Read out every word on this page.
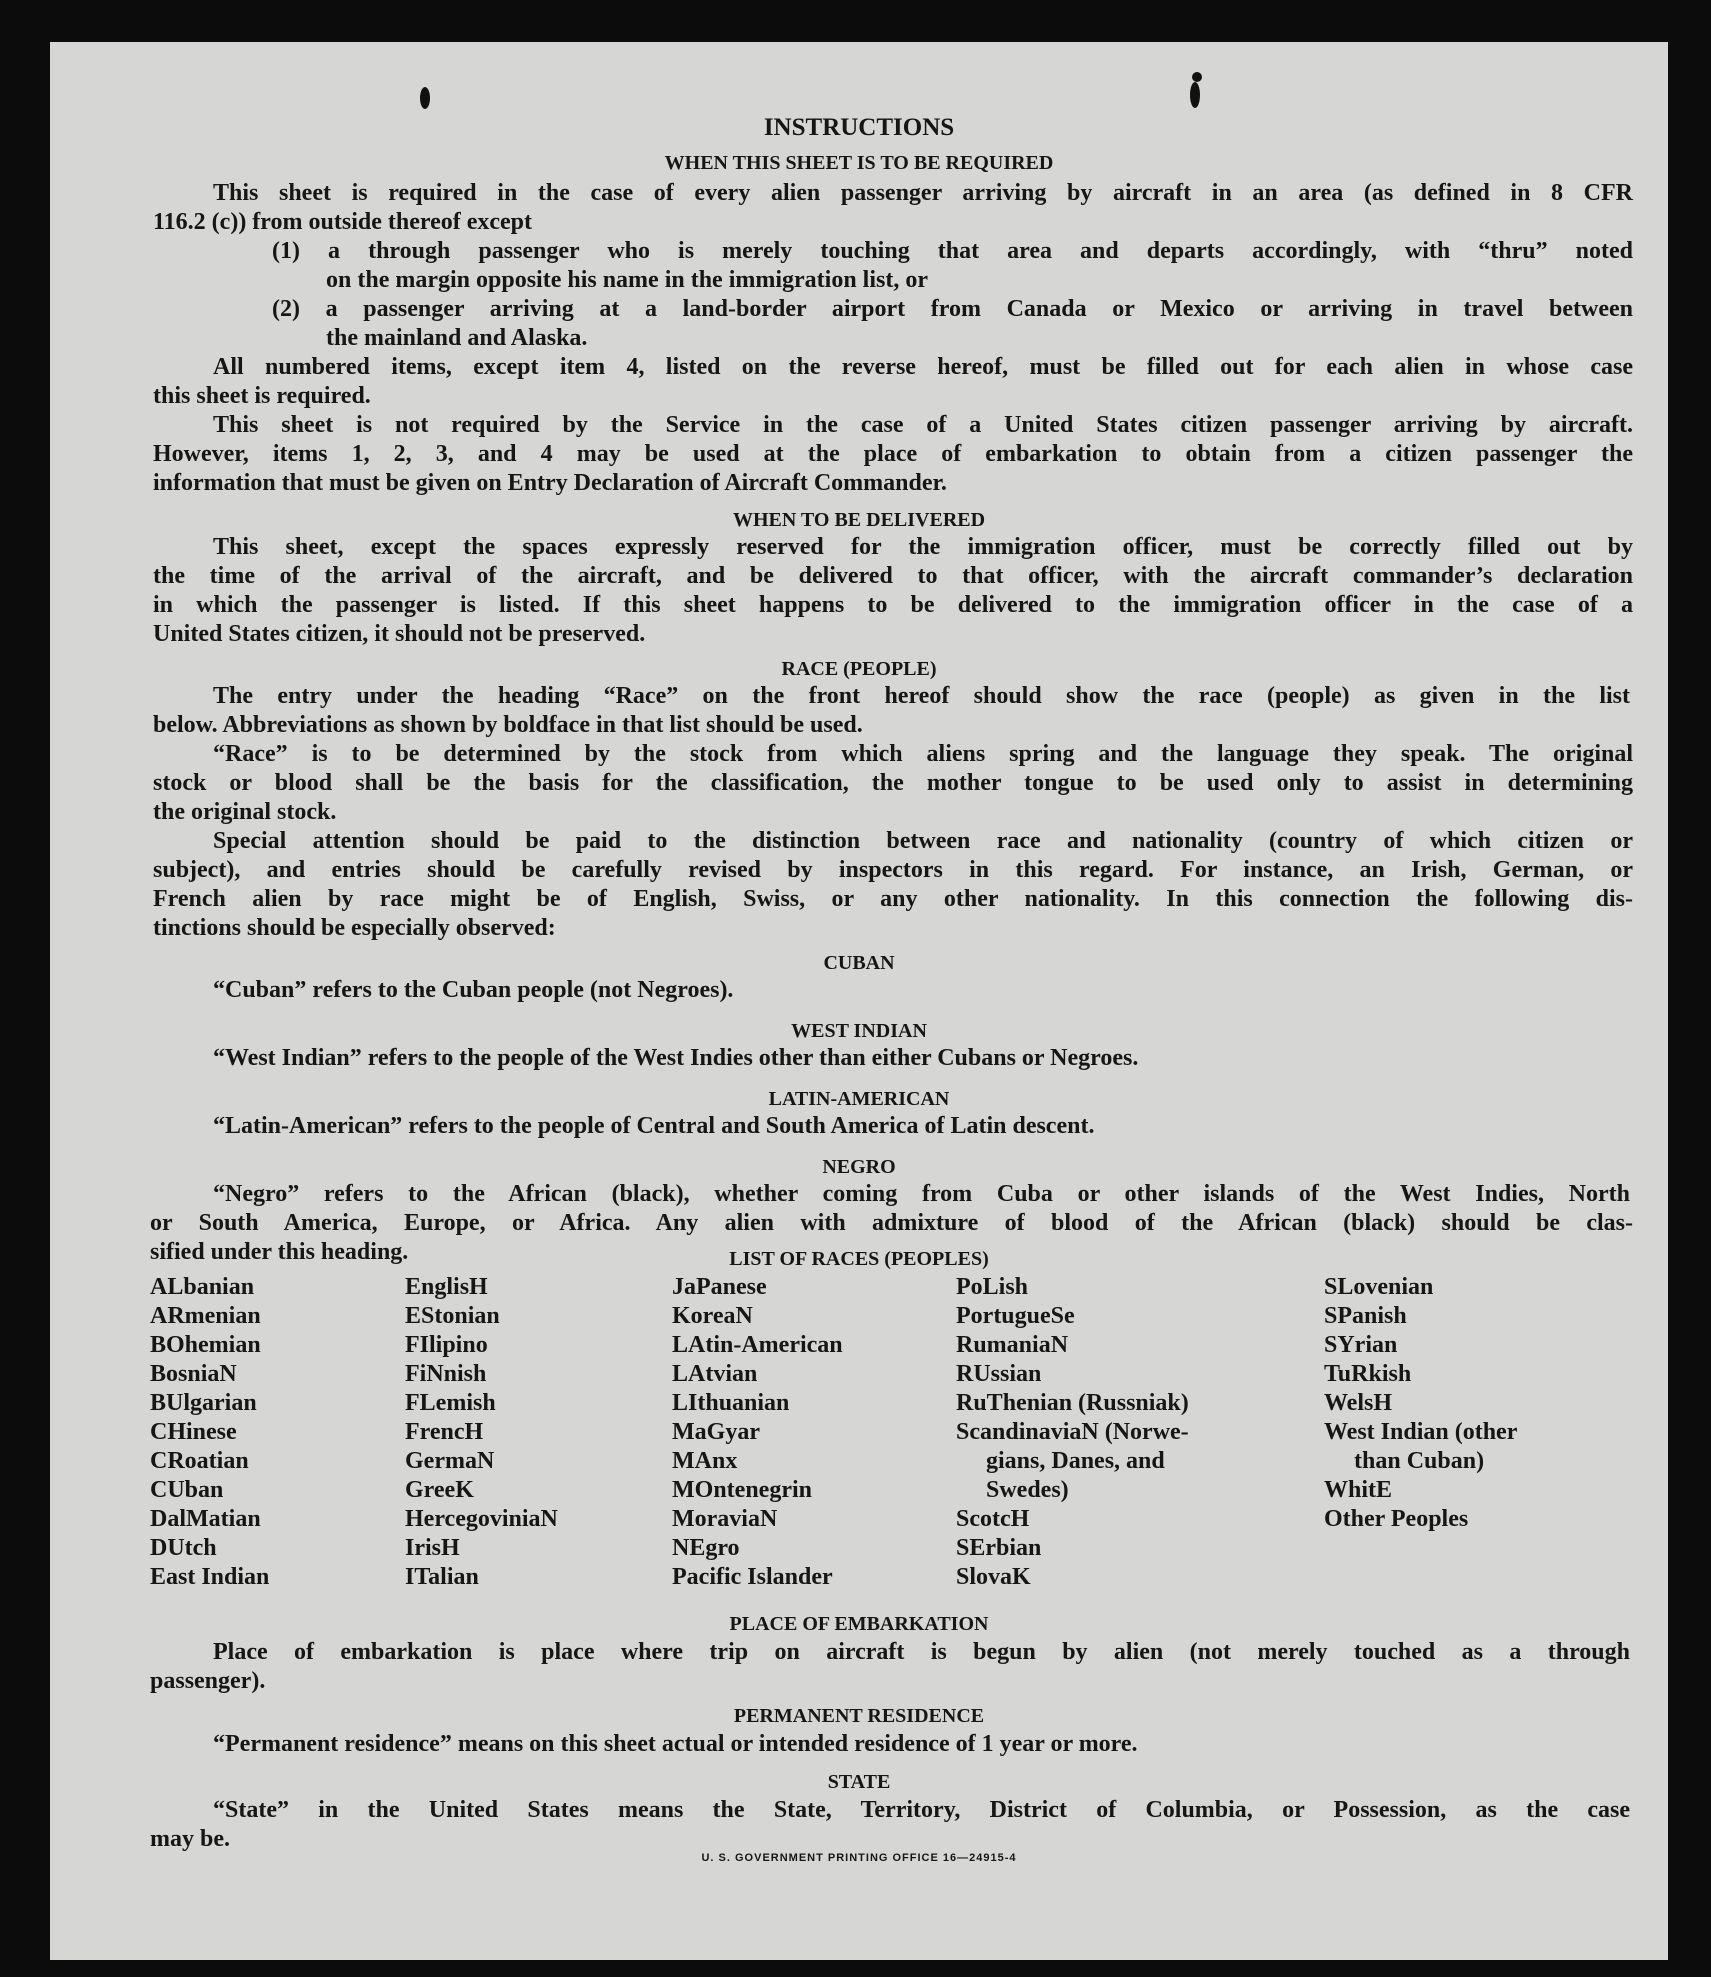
INSTRUCTIONS
WHEN THIS SHEET IS TO BE REQUIRED
This sheet is required in the case of every alien passenger arriving by aircraft in an area (as defined in 8 CFR
116.2 (c)) from outside thereof except
(1) a through passenger who is merely touching that area and departs accordingly, with “thru” noted
on the margin opposite his name in the immigration list, or
(2) a passenger arriving at a land-border airport from Canada or Mexico or arriving in travel between
the mainland and Alaska.
All numbered items, except item 4, listed on the reverse hereof, must be filled out for each alien in whose case
this sheet is required.
This sheet is not required by the Service in the case of a United States citizen passenger arriving by aircraft.
However, items 1, 2, 3, and 4 may be used at the place of embarkation to obtain from a citizen passenger the
information that must be given on Entry Declaration of Aircraft Commander.
WHEN TO BE DELIVERED
This sheet, except the spaces expressly reserved for the immigration officer, must be correctly filled out by
the time of the arrival of the aircraft, and be delivered to that officer, with the aircraft commander’s declaration
in which the passenger is listed. If this sheet happens to be delivered to the immigration officer in the case of a
United States citizen, it should not be preserved.
RACE (PEOPLE)
The entry under the heading “Race” on the front hereof should show the race (people) as given in the list
below. Abbreviations as shown by boldface in that list should be used.
“Race” is to be determined by the stock from which aliens spring and the language they speak. The original
stock or blood shall be the basis for the classification, the mother tongue to be used only to assist in determining
the original stock.
Special attention should be paid to the distinction between race and nationality (country of which citizen or
subject), and entries should be carefully revised by inspectors in this regard. For instance, an Irish, German, or
French alien by race might be of English, Swiss, or any other nationality. In this connection the following dis-
tinctions should be especially observed:
CUBAN
“Cuban” refers to the Cuban people (not Negroes).
WEST INDIAN
“West Indian” refers to the people of the West Indies other than either Cubans or Negroes.
LATIN-AMERICAN
“Latin-American” refers to the people of Central and South America of Latin descent.
NEGRO
“Negro” refers to the African (black), whether coming from Cuba or other islands of the West Indies, North
or South America, Europe, or Africa. Any alien with admixture of blood of the African (black) should be clas-
sified under this heading.	LIST OF RACES (PEOPLES)
ALbanian
ARmenian
BOhemian
BosniaN
BUlgarian
CHinese
CRoatian
CUban
DalMatian
DUtch
East Indian
EnglisH
EStonian
FIlipino
FiNnish
FLemish
FrencH
GermaN
GreeK
HercegoviniaN
IrisH
ITalian
JaPanese
KoreaN
LAtin-American
LAtvian
LIthuanian
MaGyar
MAnx
MOntenegrin
MoraviaN
NEgro
Pacific Islander
PoLish
PortugueSe
RumaniaN
RUssian
RuThenian (Russniak)
ScandinaviaN (Norwe-
gians, Danes, and
Swedes)
ScotcH
SErbian
SlovaK
SLovenian
SPanish
SYrian
TuRkish
WelsH
West Indian (other
than Cuban)
WhitE
Other Peoples
PLACE OF EMBARKATION
Place of embarkation is place where trip on aircraft is begun by alien (not merely touched as a through
passenger).
PERMANENT RESIDENCE
“Permanent residence” means on this sheet actual or intended residence of 1 year or more.
STATE
“State” in the United States means the State, Territory, District of Columbia, or Possession, as the case
may be.
U. S. GOVERNMENT PRINTING OFFICE 16—24915-4
